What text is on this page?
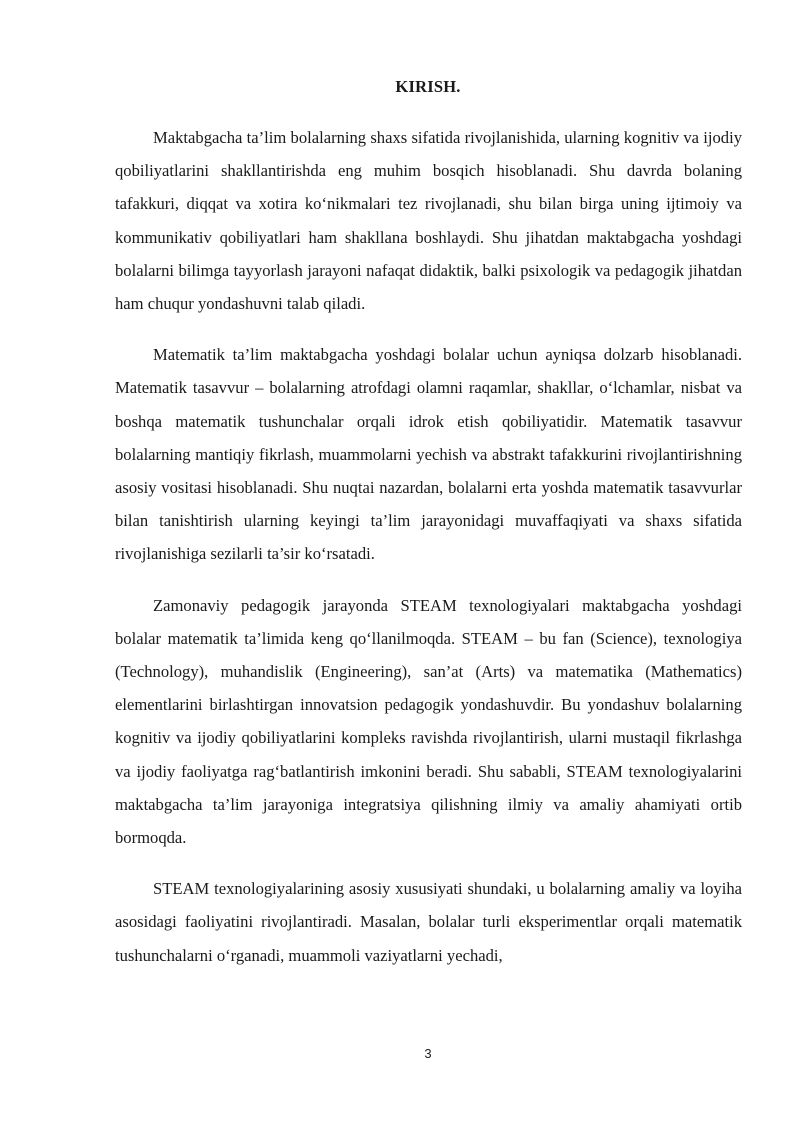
KIRISH.

Maktabgacha ta’lim bolalarning shaxs sifatida rivojlanishida, ularning kognitiv va ijodiy qobiliyatlarini shakllantirishda eng muhim bosqich hisoblanadi. Shu davrda bolaning tafakkuri, diqqat va xotira ko‘nikmalari tez rivojlanadi, shu bilan birga uning ijtimoiy va kommunikativ qobiliyatlari ham shakllana boshlaydi. Shu jihatdan maktabgacha yoshdagi bolalarni bilimga tayyorlash jarayoni nafaqat didaktik, balki psixologik va pedagogik jihatdan ham chuqur yondashuvni talab qiladi.

Matematik ta’lim maktabgacha yoshdagi bolalar uchun ayniqsa dolzarb hisoblanadi. Matematik tasavvur – bolalarning atrofdagi olamni raqamlar, shakllar, o‘lchamlar, nisbat va boshqa matematik tushunchalar orqali idrok etish qobiliyatidir. Matematik tasavvur bolalarning mantiqiy fikrlash, muammolarni yechish va abstrakt tafakkurini rivojlantirishning asosiy vositasi hisoblanadi. Shu nuqtai nazardan, bolalarni erta yoshda matematik tasavvurlar bilan tanishtirish ularning keyingi ta’lim jarayonidagi muvaffaqiyati va shaxs sifatida rivojlanishiga sezilarli ta’sir ko‘rsatadi.

Zamonaviy pedagogik jarayonda STEAM texnologiyalari maktabgacha yoshdagi bolalar matematik ta’limida keng qo‘llanilmoqda. STEAM – bu fan (Science), texnologiya (Technology), muhandislik (Engineering), san’at (Arts) va matematika (Mathematics) elementlarini birlashtirgan innovatsion pedagogik yondashuvdir. Bu yondashuv bolalarning kognitiv va ijodiy qobiliyatlarini kompleks ravishda rivojlantirish, ularni mustaqil fikrlashga va ijodiy faoliyatga rag‘batlantirish imkonini beradi. Shu sababli, STEAM texnologiyalarini maktabgacha ta’lim jarayoniga integratsiya qilishning ilmiy va amaliy ahamiyati ortib bormoqda.

STEAM texnologiyalarining asosiy xususiyati shundaki, u bolalarning amaliy va loyiha asosidagi faoliyatini rivojlantiradi. Masalan, bolalar turli eksperimentlar orqali matematik tushunchalarni o‘rganadi, muammoli vaziyatlarni yechadi,

3
